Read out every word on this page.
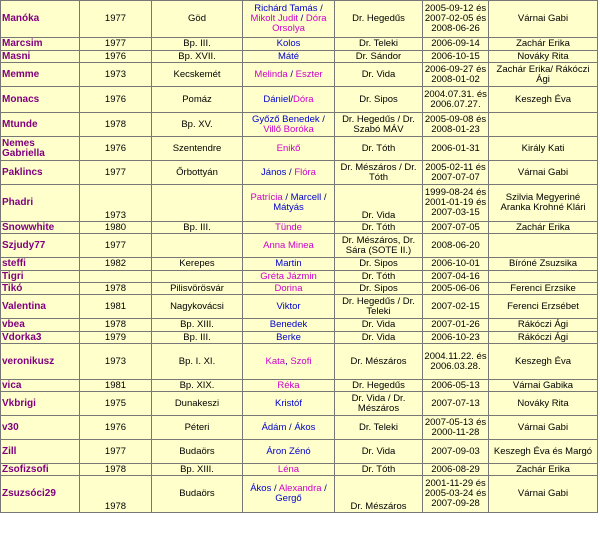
Manóka	1977	Göd	Richárd Tamás / Mikolt Judit / Dóra Orsolya	Dr. Hegedűs	2005-09-12 és 2007-02-05 és 2008-06-26	Várnai Gabi
Marcsim	1977	Bp. III.	Kolos	Dr. Teleki	2006-09-14	Zachár Erika
Masni	1976	Bp. XVII.	Máté	Dr. Sándor	2006-10-15	Nováky Rita
Memme	1973	Kecskemét	Melinda / Eszter	Dr. Vida	2006-09-27 és 2008-01-02	Zachár Erika/ Rákóczi Ági
Monacs	1976	Pomáz	Dániel/Dóra	Dr. Sipos	2004.07.31. és 2006.07.27.	Keszegh Éva
Mtunde	1978	Bp. XV.	Győző Benedek / Villő Boróka	Dr. Hegedűs / Dr. Szabó MÁV	2005-09-08 és 2008-01-23	
Nemes Gabriella	1976	Szentendre	Enikő	Dr. Tóth	2006-01-31	Király Kati
Paklincs	1977	Őrbottyán	János / Flóra	Dr. Mészáros / Dr. Tóth	2005-02-11 és 2007-07-07	Várnai Gabi
Phadri	1973		Patrícia / Marcell / Mátyás	Dr. Vida	1999-08-24 és 2001-01-19 és 2007-03-15	Szilvia Megyeriné Aranka Krohné Klári
Snowwhite	1980	Bp. III.	Tünde	Dr. Tóth	2007-07-05	Zachár Erika
Szjudy77	1977		Anna Minea	Dr. Mészáros, Dr. Sára (SOTE II.)	2008-06-20	
steffi	1982	Kerepes	Martin	Dr. Sipos	2006-10-01	Bíróné Zsuzsika
Tigri			Gréta Jázmin	Dr. Tóth	2007-04-16	
Tikó	1978	Pilisvörösvár	Dorina	Dr. Sipos	2005-06-06	Ferenci Erzsike
Valentina	1981	Nagykovácsi	Viktor	Dr. Hegedűs / Dr. Teleki	2007-02-15	Ferenci Erzsébet
vbea	1978	Bp. XIII.	Benedek	Dr. Vida	2007-01-26	Rákóczi Ági
Vdorka3	1979	Bp. III.	Berke	Dr. Vida	2006-10-23	Rákóczi Ági
veronikusz	1973	Bp. I. XI.	Kata, Szofi	Dr. Mészáros	2004.11.22. és 2006.03.28.	Keszegh Éva
vica	1981	Bp. XIX.	Réka	Dr. Hegedűs	2006-05-13	Várnai Gabika
Vkbrigi	1975	Dunakeszi	Kristóf	Dr. Vida / Dr. Mészáros	2007-07-13	Nováky Rita
v30	1976	Péteri	Ádám / Ákos	Dr. Teleki	2007-05-13 és 2000-11-28	Várnai Gabi
Zill	1977	Budaörs	Áron Zénó	Dr. Vida	2007-09-03	Keszegh Éva és Margó
Zsofizsofi	1978	Bp. XIII.	Léna	Dr. Tóth	2006-08-29	Zachár Erika
Zsuzsóci29	1978	Budaörs	Ákos / Alexandra / Gergő	Dr. Mészáros	2001-11-29 és 2005-03-24 és 2007-09-28	Várnai Gabi
